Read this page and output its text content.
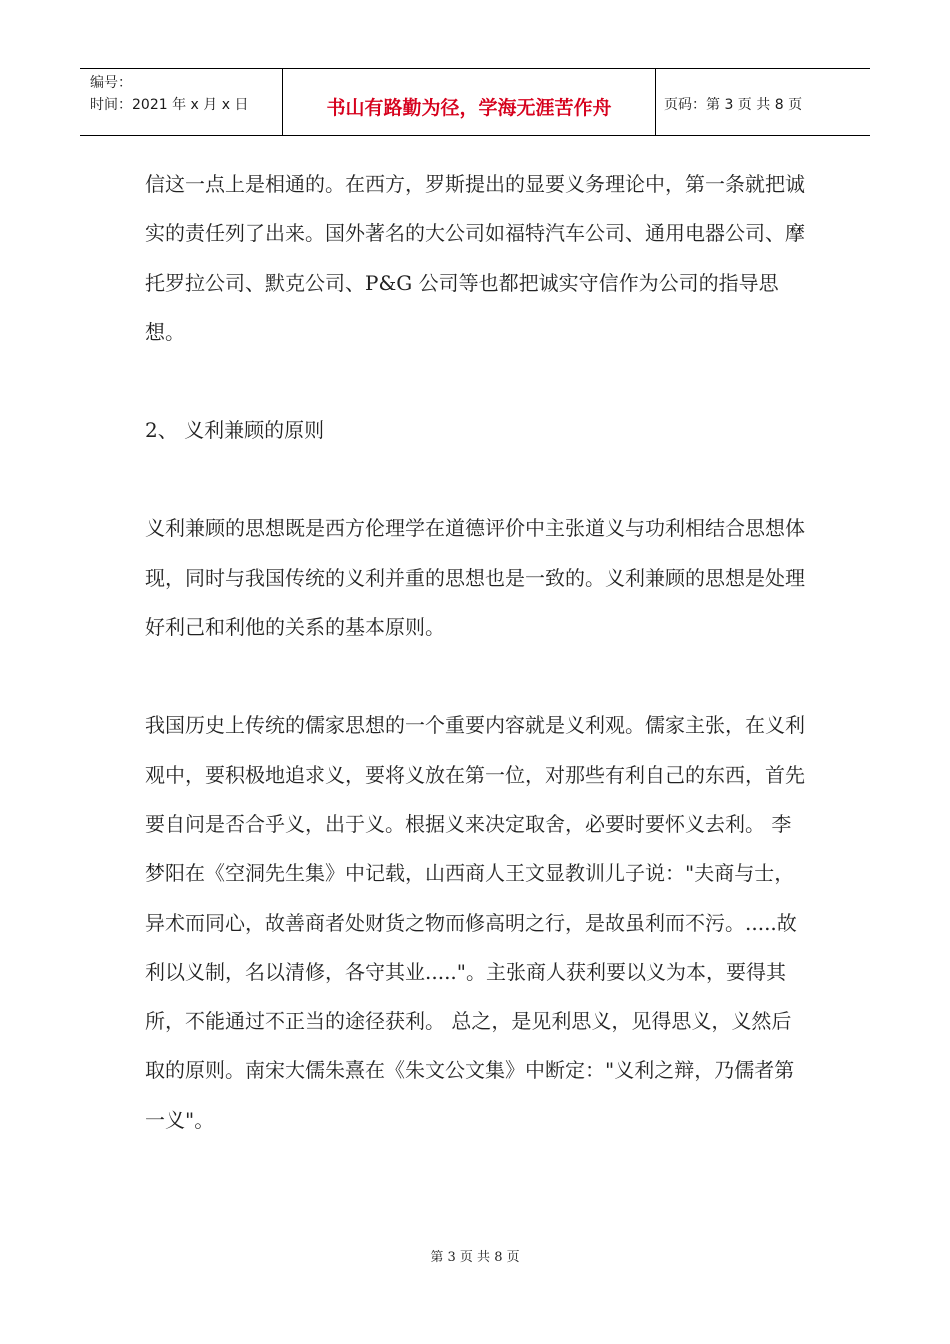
编号：
时间：2021 年 x 月 x 日	书山有路勤为径，学海无涯苦作舟	页码：第 3 页 共 8 页

信这一点上是相通的。在西方，罗斯提出的显要义务理论中，第一条就把诚实的责任列了出来。国外著名的大公司如福特汽车公司、通用电器公司、摩托罗拉公司、默克公司、P&G 公司等也都把诚实守信作为公司的指导思想。

2、 义利兼顾的原则

义利兼顾的思想既是西方伦理学在道德评价中主张道义与功利相结合思想体现，同时与我国传统的义利并重的思想也是一致的。义利兼顾的思想是处理好利己和利他的关系的基本原则。

我国历史上传统的儒家思想的一个重要内容就是义利观。儒家主张，在义利观中，要积极地追求义，要将义放在第一位，对那些有利自己的东西，首先要自问是否合乎义，出于义。根据义来决定取舍，必要时要怀义去利。 李梦阳在《空洞先生集》中记载，山西商人王文显教训儿子说："夫商与士，异术而同心，故善商者处财货之物而修高明之行，是故虽利而不污。.....故利以义制，名以清修，各守其业....."。主张商人获利要以义为本，要得其所，不能通过不正当的途径获利。 总之，是见利思义，见得思义，义然后取的原则。南宋大儒朱熹在《朱文公文集》中断定："义利之辩，乃儒者第一义"。

第 3 页 共 8 页
